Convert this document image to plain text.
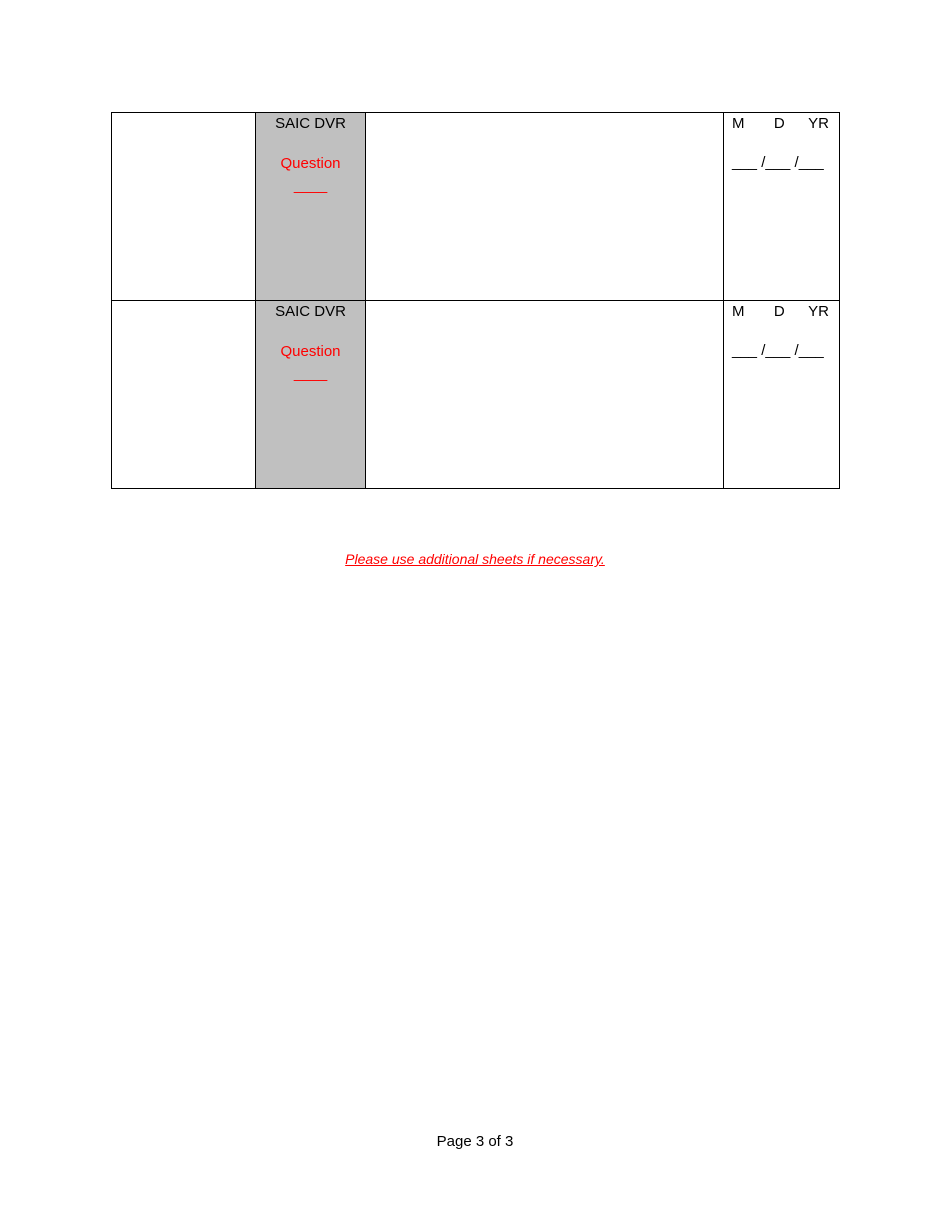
	SAIC DVR
Question
____		M D YR
___ /___ /___

	SAIC DVR
Question
____		M D YR
___ /___ /___
Please use additional sheets if necessary.
Page 3 of 3
